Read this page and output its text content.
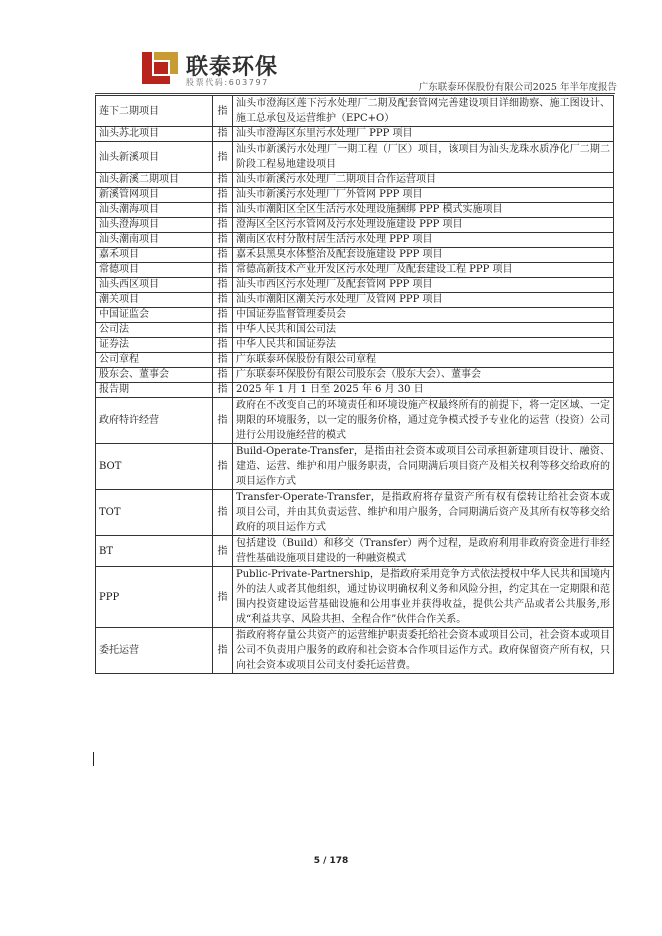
联泰环保
股票代码:603797	广东联泰环保股份有限公司2025 年半年度报告
莲下二期项目	指	汕头市澄海区莲下污水处理厂二期及配套管网完善建设项目详细勘察、施工图设计、施工总承包及运营维护（EPC+O）
汕头苏北项目	指	汕头市澄海区东里污水处理厂 PPP 项目
汕头新溪项目	指	汕头市新溪污水处理厂一期工程（厂区）项目，该项目为汕头龙珠水质净化厂二期二阶段工程易地建设项目
汕头新溪二期项目	指	汕头市新溪污水处理厂二期项目合作运营项目
新溪管网项目	指	汕头市新溪污水处理厂厂外管网 PPP 项目
汕头潮海项目	指	汕头市潮阳区全区生活污水处理设施捆绑 PPP 模式实施项目
汕头澄海项目	指	澄海区全区污水管网及污水处理设施建设 PPP 项目
汕头潮南项目	指	潮南区农村分散村居生活污水处理 PPP 项目
嘉禾项目	指	嘉禾县黑臭水体整治及配套设施建设 PPP 项目
常德项目	指	常德高新技术产业开发区污水处理厂及配套建设工程 PPP 项目
汕头西区项目	指	汕头市西区污水处理厂及配套管网 PPP 项目
潮关项目	指	汕头市潮阳区潮关污水处理厂及管网 PPP 项目
中国证监会	指	中国证券监督管理委员会
公司法	指	中华人民共和国公司法
证券法	指	中华人民共和国证券法
公司章程	指	广东联泰环保股份有限公司章程
股东会、董事会	指	广东联泰环保股份有限公司股东会（股东大会）、董事会
报告期	指	2025 年 1 月 1 日至 2025 年 6 月 30 日
政府特许经营	指	政府在不改变自己的环境责任和环境设施产权最终所有的前提下，将一定区域、一定期限的环境服务，以一定的服务价格，通过竞争模式授予专业化的运营（投资）公司进行公用设施经营的模式
BOT	指	Build-Operate-Transfer，是指由社会资本或项目公司承担新建项目设计、融资、建造、运营、维护和用户服务职责，合同期满后项目资产及相关权利等移交给政府的项目运作方式
TOT	指	Transfer-Operate-Transfer，是指政府将存量资产所有权有偿转让给社会资本或项目公司，并由其负责运营、维护和用户服务，合同期满后资产及其所有权等移交给政府的项目运作方式
BT	指	包括建设（Build）和移交（Transfer）两个过程，是政府利用非政府资金进行非经营性基础设施项目建设的一种融资模式
PPP	指	Public-Private-Partnership，是指政府采用竞争方式依法授权中华人民共和国境内外的法人或者其他组织，通过协议明确权利义务和风险分担，约定其在一定期限和范围内投资建设运营基础设施和公用事业并获得收益，提供公共产品或者公共服务,形成“利益共享、风险共担、全程合作”伙伴合作关系。
委托运营	指	指政府将存量公共资产的运营维护职责委托给社会资本或项目公司，社会资本或项目公司不负责用户服务的政府和社会资本合作项目运作方式。政府保留资产所有权，只向社会资本或项目公司支付委托运营费。
5 / 178
